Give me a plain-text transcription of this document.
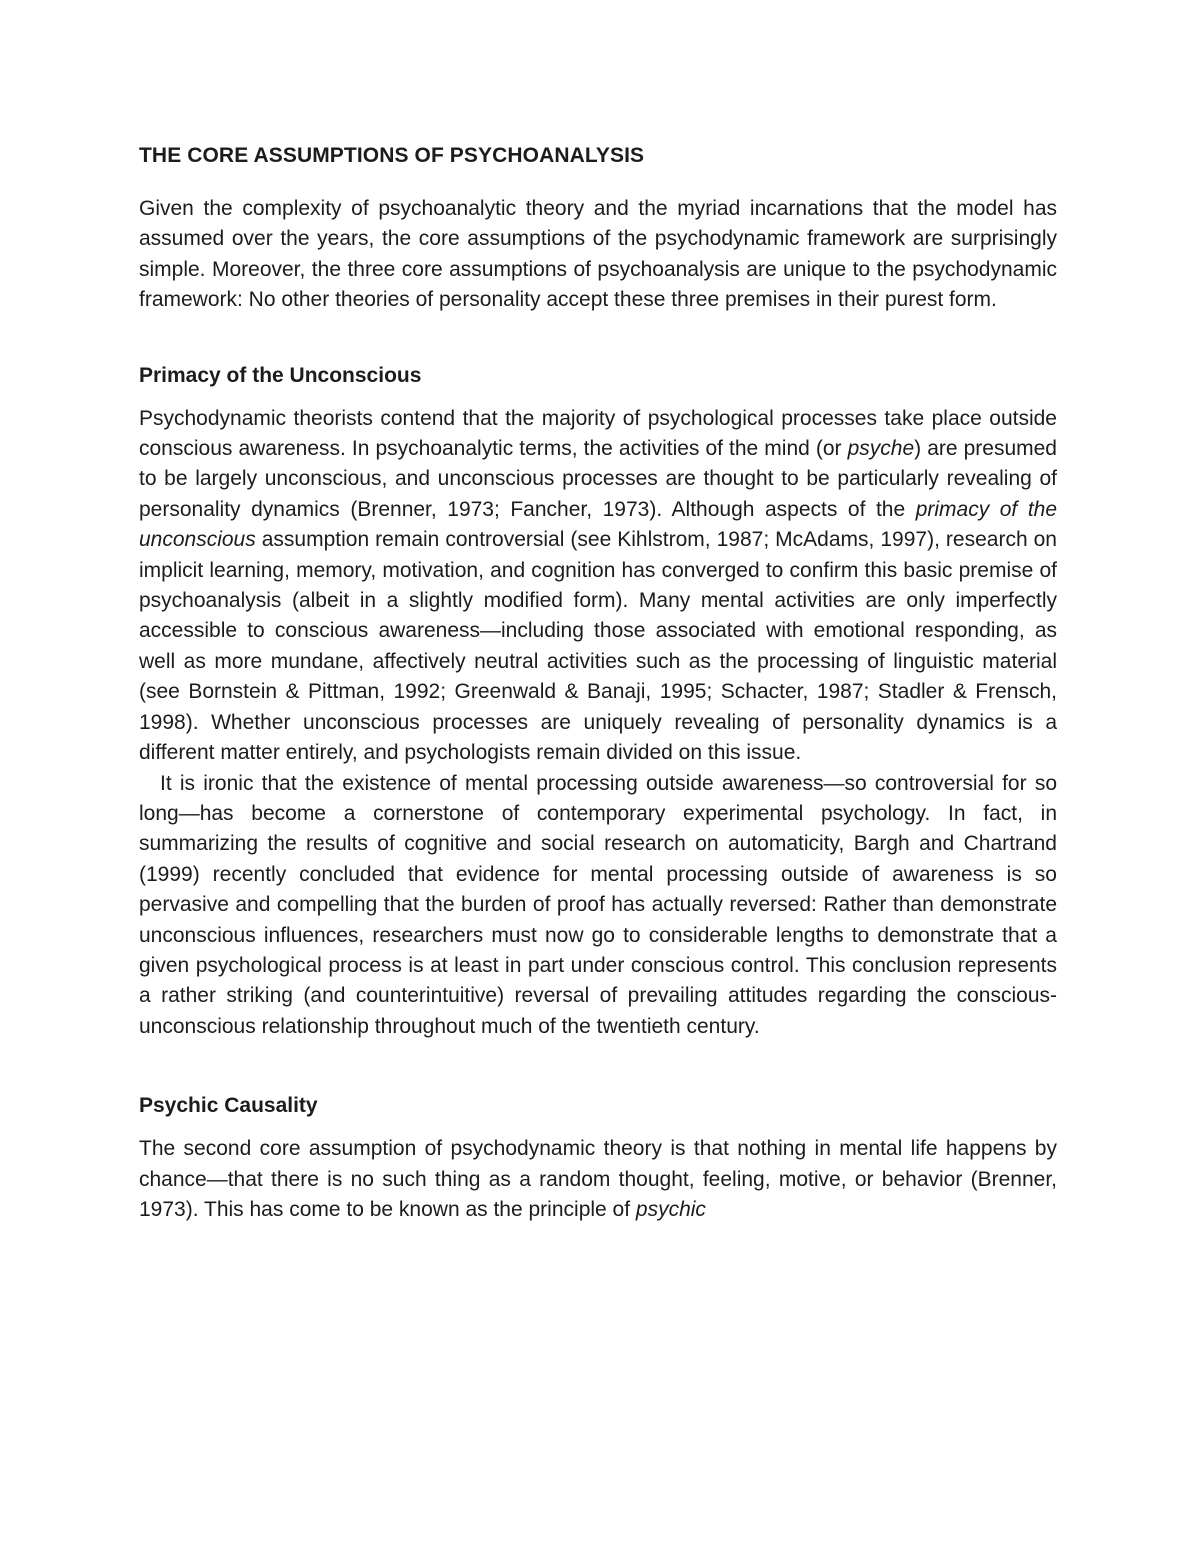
THE CORE ASSUMPTIONS OF PSYCHOANALYSIS

Given the complexity of psychoanalytic theory and the myriad incarnations that the model has assumed over the years, the core assumptions of the psychodynamic framework are surprisingly simple. Moreover, the three core assumptions of psychoanalysis are unique to the psychodynamic framework: No other theories of personality accept these three premises in their purest form.

Primacy of the Unconscious

Psychodynamic theorists contend that the majority of psychological processes take place outside conscious awareness. In psychoanalytic terms, the activities of the mind (or psyche) are presumed to be largely unconscious, and unconscious processes are thought to be particularly revealing of personality dynamics (Brenner, 1973; Fancher, 1973). Although aspects of the primacy of the unconscious assumption remain controversial (see Kihlstrom, 1987; McAdams, 1997), research on implicit learning, memory, motivation, and cognition has converged to confirm this basic premise of psychoanalysis (albeit in a slightly modified form). Many mental activities are only imperfectly accessible to conscious awareness—including those associated with emotional responding, as well as more mundane, affectively neutral activities such as the processing of linguistic material (see Bornstein & Pittman, 1992; Greenwald & Banaji, 1995; Schacter, 1987; Stadler & Frensch, 1998). Whether unconscious processes are uniquely revealing of personality dynamics is a different matter entirely, and psychologists remain divided on this issue.

It is ironic that the existence of mental processing outside awareness—so controversial for so long—has become a cornerstone of contemporary experimental psychology. In fact, in summarizing the results of cognitive and social research on automaticity, Bargh and Chartrand (1999) recently concluded that evidence for mental processing outside of awareness is so pervasive and compelling that the burden of proof has actually reversed: Rather than demonstrate unconscious influences, researchers must now go to considerable lengths to demonstrate that a given psychological process is at least in part under conscious control. This conclusion represents a rather striking (and counterintuitive) reversal of prevailing attitudes regarding the conscious-unconscious relationship throughout much of the twentieth century.

Psychic Causality

The second core assumption of psychodynamic theory is that nothing in mental life happens by chance—that there is no such thing as a random thought, feeling, motive, or behavior (Brenner, 1973). This has come to be known as the principle of psychic
